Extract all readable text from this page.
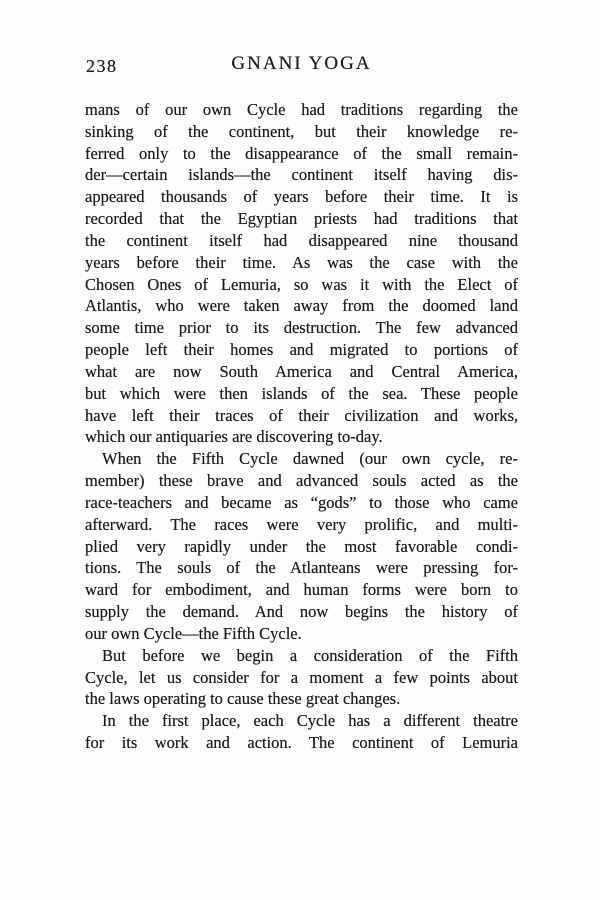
238	GNANI YOGA
mans of our own Cycle had traditions regarding the
sinking of the continent, but their knowledge re-
ferred only to the disappearance of the small remain-
der—certain islands—the continent itself having dis-
appeared thousands of years before their time. It is
recorded that the Egyptian priests had traditions that
the continent itself had disappeared nine thousand
years before their time. As was the case with the
Chosen Ones of Lemuria, so was it with the Elect of
Atlantis, who were taken away from the doomed land
some time prior to its destruction. The few advanced
people left their homes and migrated to portions of
what are now South America and Central America,
but which were then islands of the sea. These people
have left their traces of their civilization and works,
which our antiquaries are discovering to-day.
When the Fifth Cycle dawned (our own cycle, re-
member) these brave and advanced souls acted as the
race-teachers and became as “gods” to those who came
afterward. The races were very prolific, and multi-
plied very rapidly under the most favorable condi-
tions. The souls of the Atlanteans were pressing for-
ward for embodiment, and human forms were born to
supply the demand. And now begins the history of
our own Cycle—the Fifth Cycle.
But before we begin a consideration of the Fifth
Cycle, let us consider for a moment a few points about
the laws operating to cause these great changes.
In the first place, each Cycle has a different theatre
for its work and action. The continent of Lemuria
